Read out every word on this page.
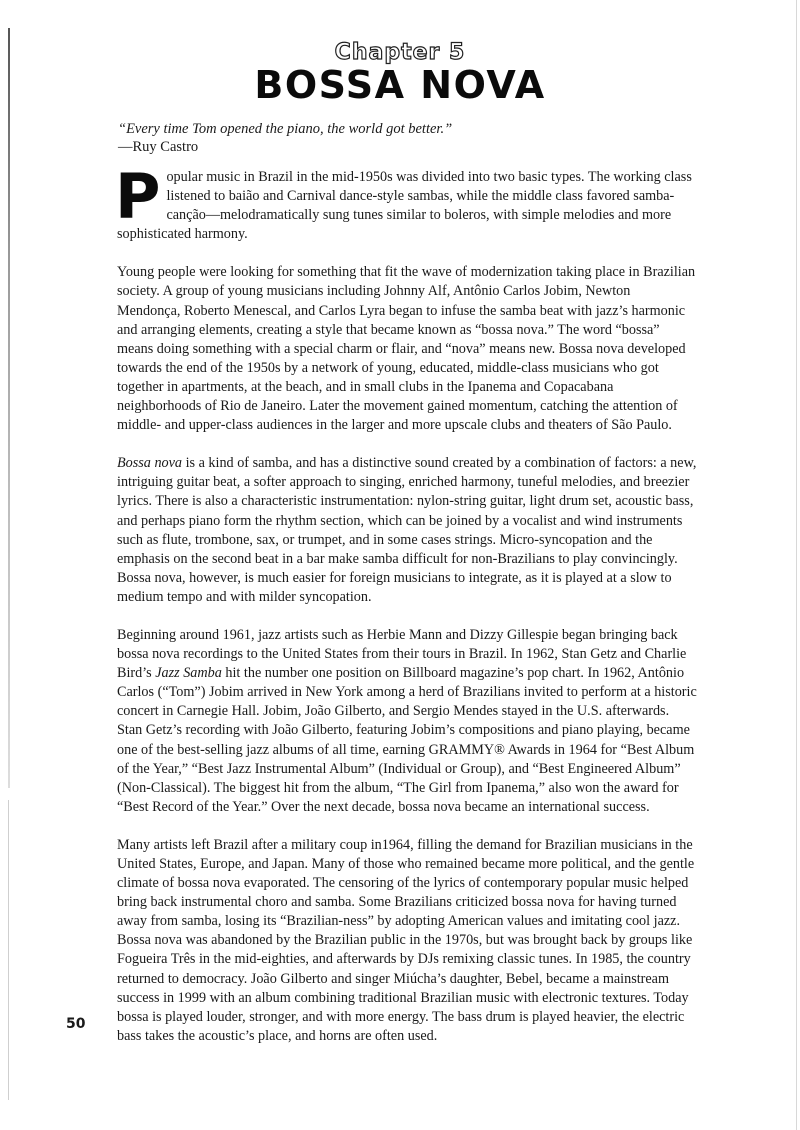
Chapter 5
BOSSA NOVA
“Every time Tom opened the piano, the world got better.”
—Ruy Castro

Popular music in Brazil in the mid-1950s was divided into two basic types. The working class listened to baião and Carnival dance-style sambas, while the middle class favored samba-canção—melodramatically sung tunes similar to boleros, with simple melodies and more sophisticated harmony.

Young people were looking for something that fit the wave of modernization taking place in Brazilian society. A group of young musicians including Johnny Alf, Antônio Carlos Jobim, Newton Mendonça, Roberto Menescal, and Carlos Lyra began to infuse the samba beat with jazz’s harmonic and arranging elements, creating a style that became known as “bossa nova.” The word “bossa” means doing something with a special charm or flair, and “nova” means new. Bossa nova developed towards the end of the 1950s by a network of young, educated, middle-class musicians who got together in apartments, at the beach, and in small clubs in the Ipanema and Copacabana neighborhoods of Rio de Janeiro. Later the movement gained momentum, catching the attention of middle- and upper-class audiences in the larger and more upscale clubs and theaters of São Paulo.

Bossa nova is a kind of samba, and has a distinctive sound created by a combination of factors: a new, intriguing guitar beat, a softer approach to singing, enriched harmony, tuneful melodies, and breezier lyrics. There is also a characteristic instrumentation: nylon-string guitar, light drum set, acoustic bass, and perhaps piano form the rhythm section, which can be joined by a vocalist and wind instruments such as flute, trombone, sax, or trumpet, and in some cases strings. Micro-syncopation and the emphasis on the second beat in a bar make samba difficult for non-Brazilians to play convincingly. Bossa nova, however, is much easier for foreign musicians to integrate, as it is played at a slow to medium tempo and with milder syncopation.

Beginning around 1961, jazz artists such as Herbie Mann and Dizzy Gillespie began bringing back bossa nova recordings to the United States from their tours in Brazil. In 1962, Stan Getz and Charlie Bird’s Jazz Samba hit the number one position on Billboard magazine’s pop chart. In 1962, Antônio Carlos (“Tom”) Jobim arrived in New York among a herd of Brazilians invited to perform at a historic concert in Carnegie Hall. Jobim, João Gilberto, and Sergio Mendes stayed in the U.S. afterwards. Stan Getz’s recording with João Gilberto, featuring Jobim’s compositions and piano playing, became one of the best-selling jazz albums of all time, earning GRAMMY® Awards in 1964 for “Best Album of the Year,” “Best Jazz Instrumental Album” (Individual or Group), and “Best Engineered Album” (Non-Classical). The biggest hit from the album, “The Girl from Ipanema,” also won the award for “Best Record of the Year.” Over the next decade, bossa nova became an international success.

Many artists left Brazil after a military coup in1964, filling the demand for Brazilian musicians in the United States, Europe, and Japan. Many of those who remained became more political, and the gentle climate of bossa nova evaporated. The censoring of the lyrics of contemporary popular music helped bring back instrumental choro and samba. Some Brazilians criticized bossa nova for having turned away from samba, losing its “Brazilian-ness” by adopting American values and imitating cool jazz. Bossa nova was abandoned by the Brazilian public in the 1970s, but was brought back by groups like Fogueira Três in the mid-eighties, and afterwards by DJs remixing classic tunes. In 1985, the country returned to democracy. João Gilberto and singer Miúcha’s daughter, Bebel, became a mainstream success in 1999 with an album combining traditional Brazilian music with electronic textures. Today bossa is played louder, stronger, and with more energy. The bass drum is played heavier, the electric bass takes the acoustic’s place, and horns are often used.

50
